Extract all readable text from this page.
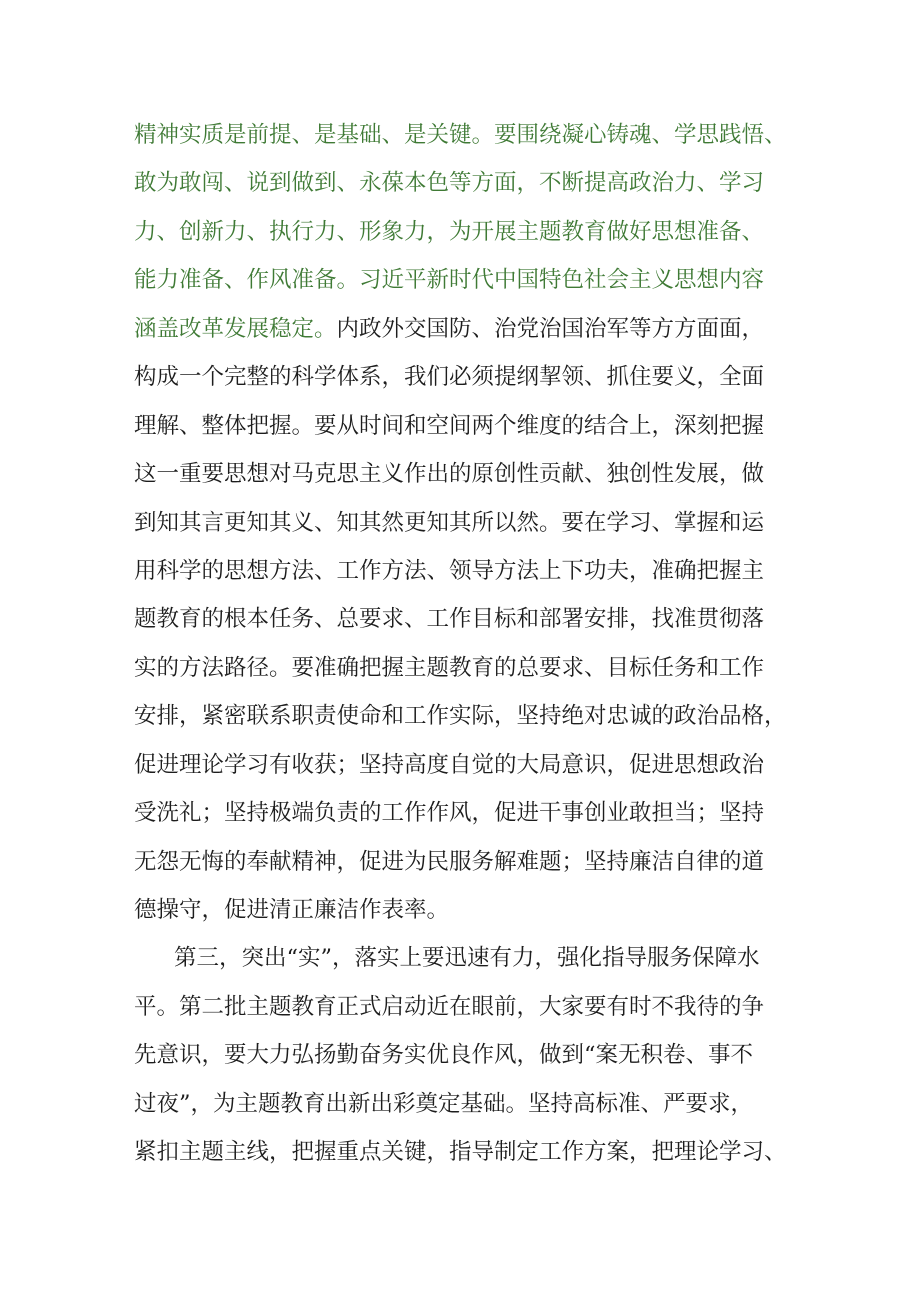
精神实质是前提、是基础、是关键。要围绕凝心铸魂、学思践悟、
敢为敢闯、说到做到、永葆本色等方面，不断提高政治力、学习
力、创新力、执行力、形象力，为开展主题教育做好思想准备、
能力准备、作风准备。习近平新时代中国特色社会主义思想内容
涵盖改革发展稳定。内政外交国防、治党治国治军等方方面面，
构成一个完整的科学体系，我们必须提纲挈领、抓住要义，全面
理解、整体把握。要从时间和空间两个维度的结合上，深刻把握
这一重要思想对马克思主义作出的原创性贡献、独创性发展，做
到知其言更知其义、知其然更知其所以然。要在学习、掌握和运
用科学的思想方法、工作方法、领导方法上下功夫，准确把握主
题教育的根本任务、总要求、工作目标和部署安排，找准贯彻落
实的方法路径。要准确把握主题教育的总要求、目标任务和工作
安排，紧密联系职责使命和工作实际，坚持绝对忠诚的政治品格，
促进理论学习有收获；坚持高度自觉的大局意识，促进思想政治
受洗礼；坚持极端负责的工作作风，促进干事创业敢担当；坚持
无怨无悔的奉献精神，促进为民服务解难题；坚持廉洁自律的道
德操守，促进清正廉洁作表率。
第三，突出“实”，落实上要迅速有力，强化指导服务保障水
平。第二批主题教育正式启动近在眼前，大家要有时不我待的争
先意识，要大力弘扬勤奋务实优良作风，做到“案无积卷、事不
过夜”，为主题教育出新出彩奠定基础。坚持高标准、严要求，
紧扣主题主线，把握重点关键，指导制定工作方案，把理论学习、
